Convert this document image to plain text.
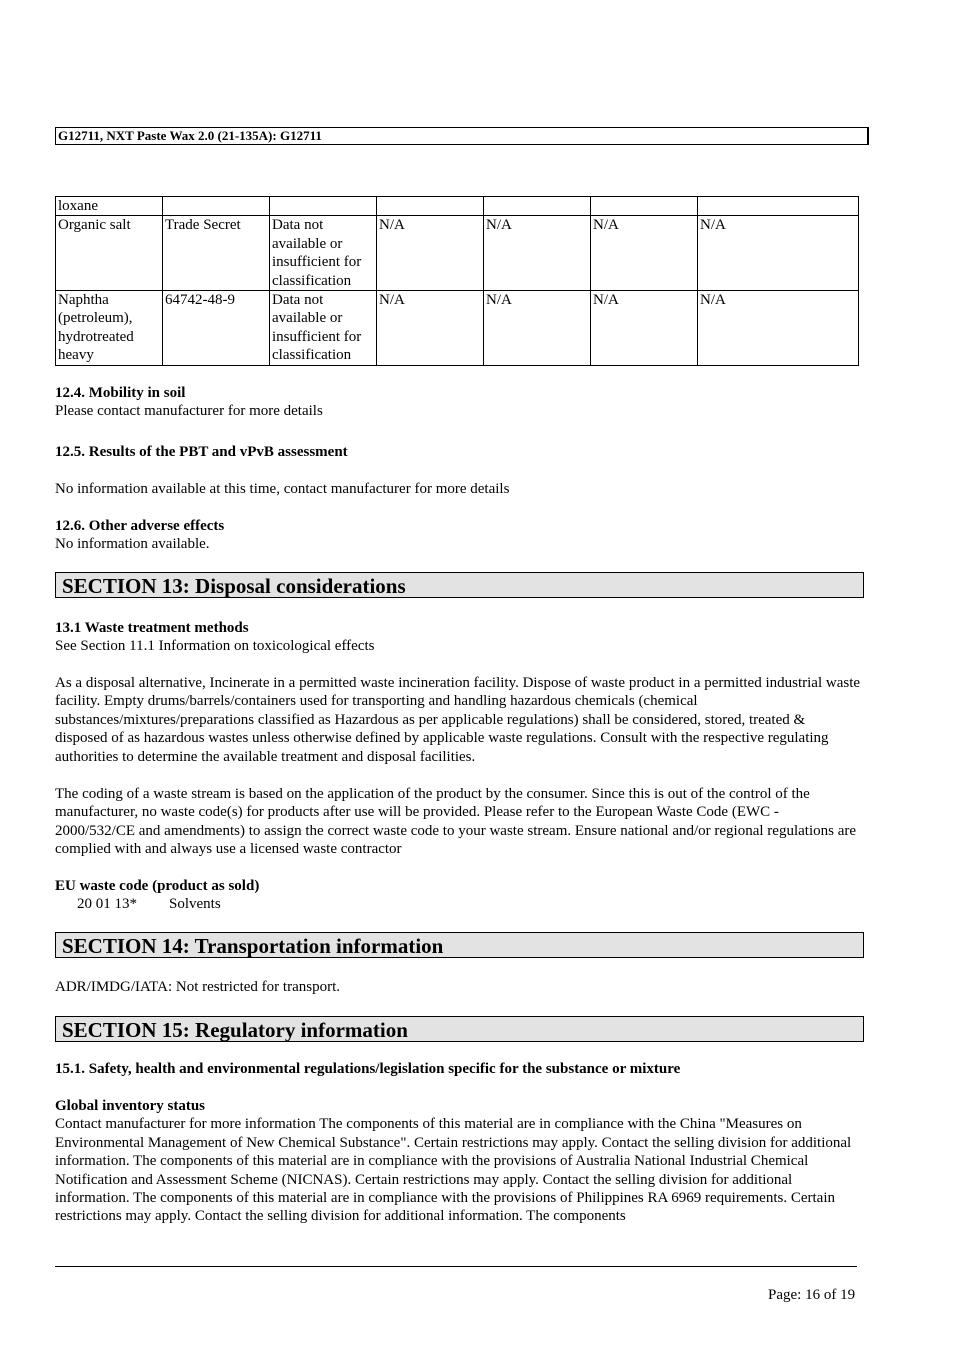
G12711, NXT Paste Wax 2.0 (21-135A): G12711
loxane						
Organic salt	Trade Secret	Data not available or insufficient for classification	N/A	N/A	N/A	N/A
Naphtha (petroleum), hydrotreated heavy	64742-48-9	Data not available or insufficient for classification	N/A	N/A	N/A	N/A

12.4. Mobility in soil

Please contact manufacturer for more details

12.5. Results of the PBT and vPvB assessment

No information available at this time, contact manufacturer for more details

12.6. Other adverse effects

No information available.

SECTION 13: Disposal considerations

13.1 Waste treatment methods

See Section 11.1 Information on toxicological effects

As a disposal alternative, Incinerate in a permitted waste incineration facility. Dispose of waste product in a permitted industrial waste facility. Empty drums/barrels/containers used for transporting and handling hazardous chemicals (chemical substances/mixtures/preparations classified as Hazardous as per applicable regulations) shall be considered, stored, treated & disposed of as hazardous wastes unless otherwise defined by applicable waste regulations. Consult with the respective regulating authorities to determine the available treatment and disposal facilities.

The coding of a waste stream is based on the application of the product by the consumer. Since this is out of the control of the manufacturer, no waste code(s) for products after use will be provided. Please refer to the European Waste Code (EWC - 2000/532/CE and amendments) to assign the correct waste code to your waste stream. Ensure national and/or regional regulations are complied with and always use a licensed waste contractor

EU waste code (product as sold)

20 01 13* Solvents
SECTION 14: Transportation information

ADR/IMDG/IATA: Not restricted for transport.

SECTION 15: Regulatory information

15.1. Safety, health and environmental regulations/legislation specific for the substance or mixture

Global inventory status

Contact manufacturer for more information The components of this material are in compliance with the China "Measures on Environmental Management of New Chemical Substance". Certain restrictions may apply. Contact the selling division for additional information. The components of this material are in compliance with the provisions of Australia National Industrial Chemical Notification and Assessment Scheme (NICNAS). Certain restrictions may apply. Contact the selling division for additional information. The components of this material are in compliance with the provisions of Philippines RA 6969 requirements. Certain restrictions may apply. Contact the selling division for additional information. The components

Page: 16 of 19
